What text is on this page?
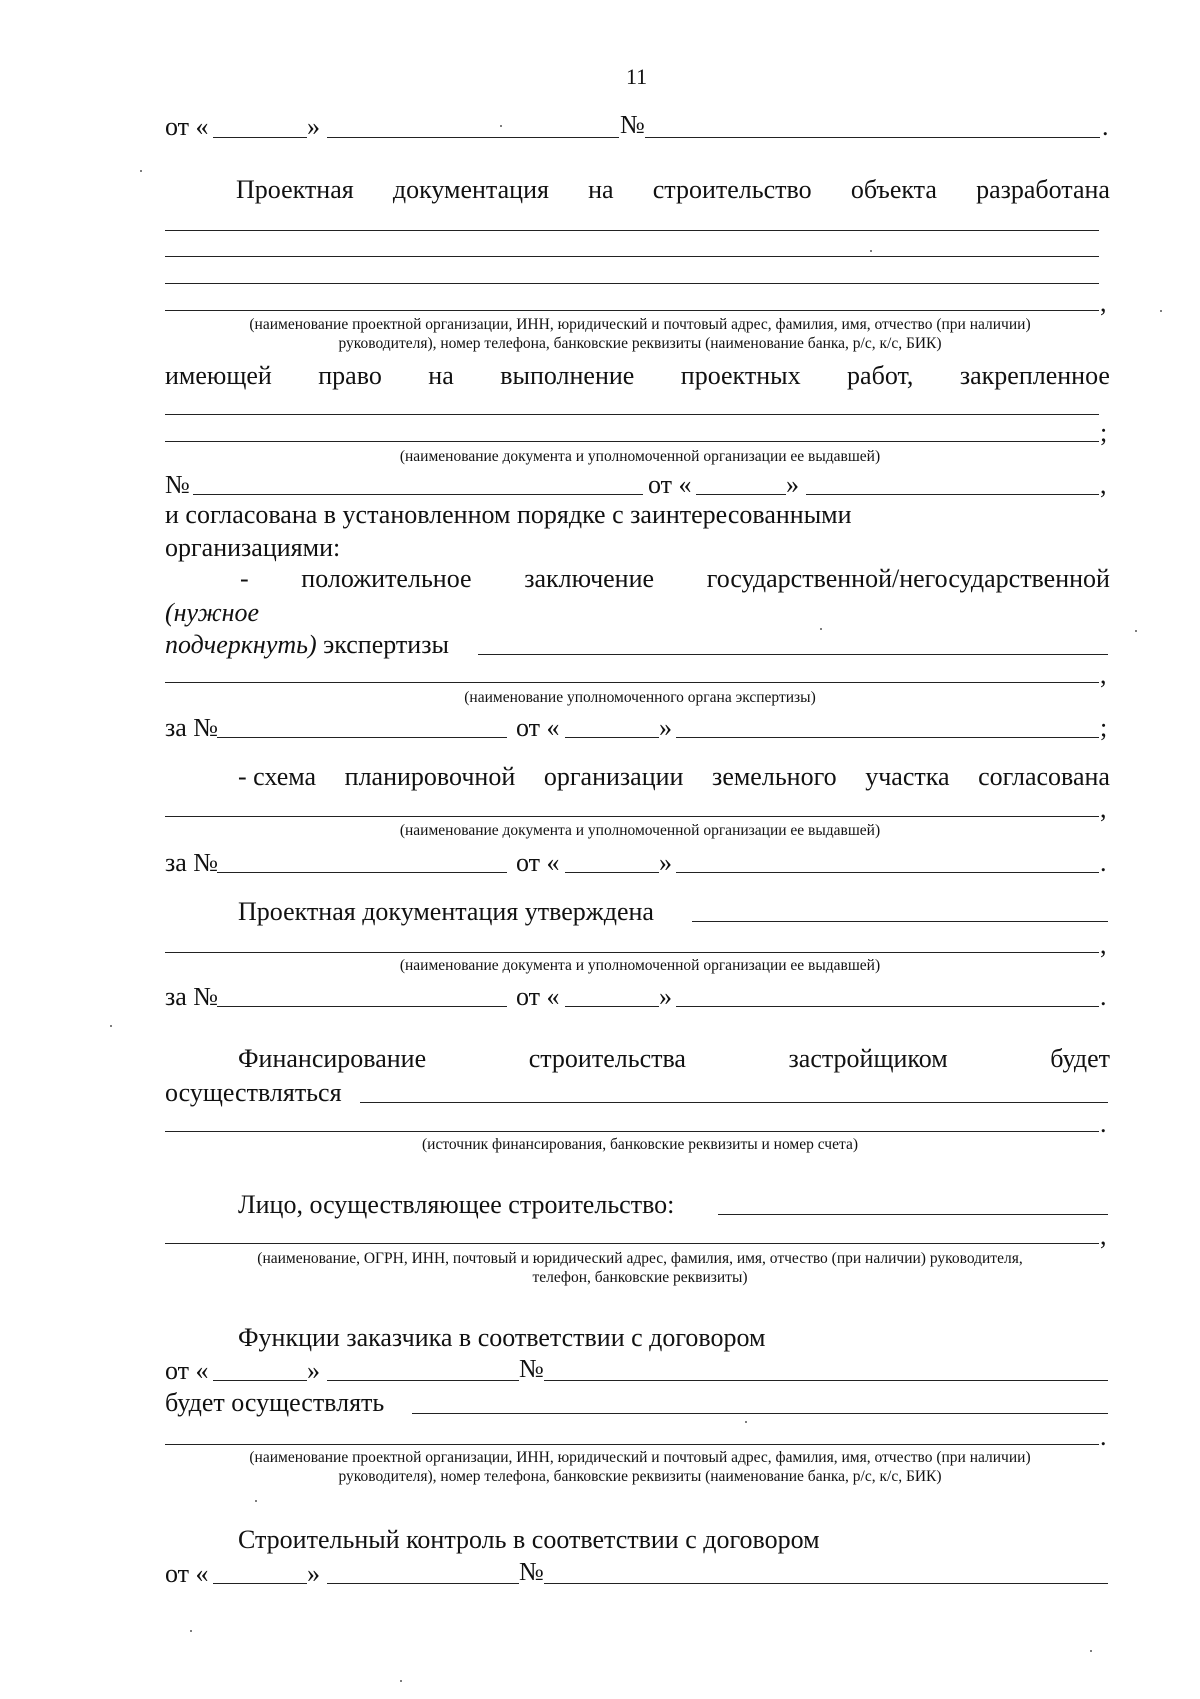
11
от «	»	№	.
Проектная документация на строительство объекта разработана
,
(наименование проектной организации, ИНН, юридический и почтовый адрес, фамилия, имя, отчество (при наличии)
руководителя), номер телефона, банковские реквизиты (наименование банка, р/с, к/с, БИК)
имеющей право на выполнение проектных работ, закрепленное
;
(наименование документа и уполномоченной организации ее выдавшей)
№	от «	»	,
и согласована в установленном порядке с заинтересованными
организациями:
- положительное заключение государственной/негосударственной
(нужное
подчеркнуть) экспертизы
,
(наименование уполномоченного органа экспертизы)
за №	от «	»	;
- схема планировочной организации земельного участка согласована
,
(наименование документа и уполномоченной организации ее выдавшей)
за №	от «	»	.
Проектная документация утверждена
,
(наименование документа и уполномоченной организации ее выдавшей)
за №	от «	»	.
Финансирование	строительства	застройщиком	будет
осуществляться
.
(источник финансирования, банковские реквизиты и номер счета)
Лицо, осуществляющее строительство:
,
(наименование, ОГРН, ИНН, почтовый и юридический адрес, фамилия, имя, отчество (при наличии) руководителя,
телефон, банковские реквизиты)
Функции заказчика в соответствии с договором
от «	»	№
будет осуществлять
.
(наименование проектной организации, ИНН, юридический и почтовый адрес, фамилия, имя, отчество (при наличии)
руководителя), номер телефона, банковские реквизиты (наименование банка, р/с, к/с, БИК)
Строительный контроль в соответствии с договором
от «	»	№
